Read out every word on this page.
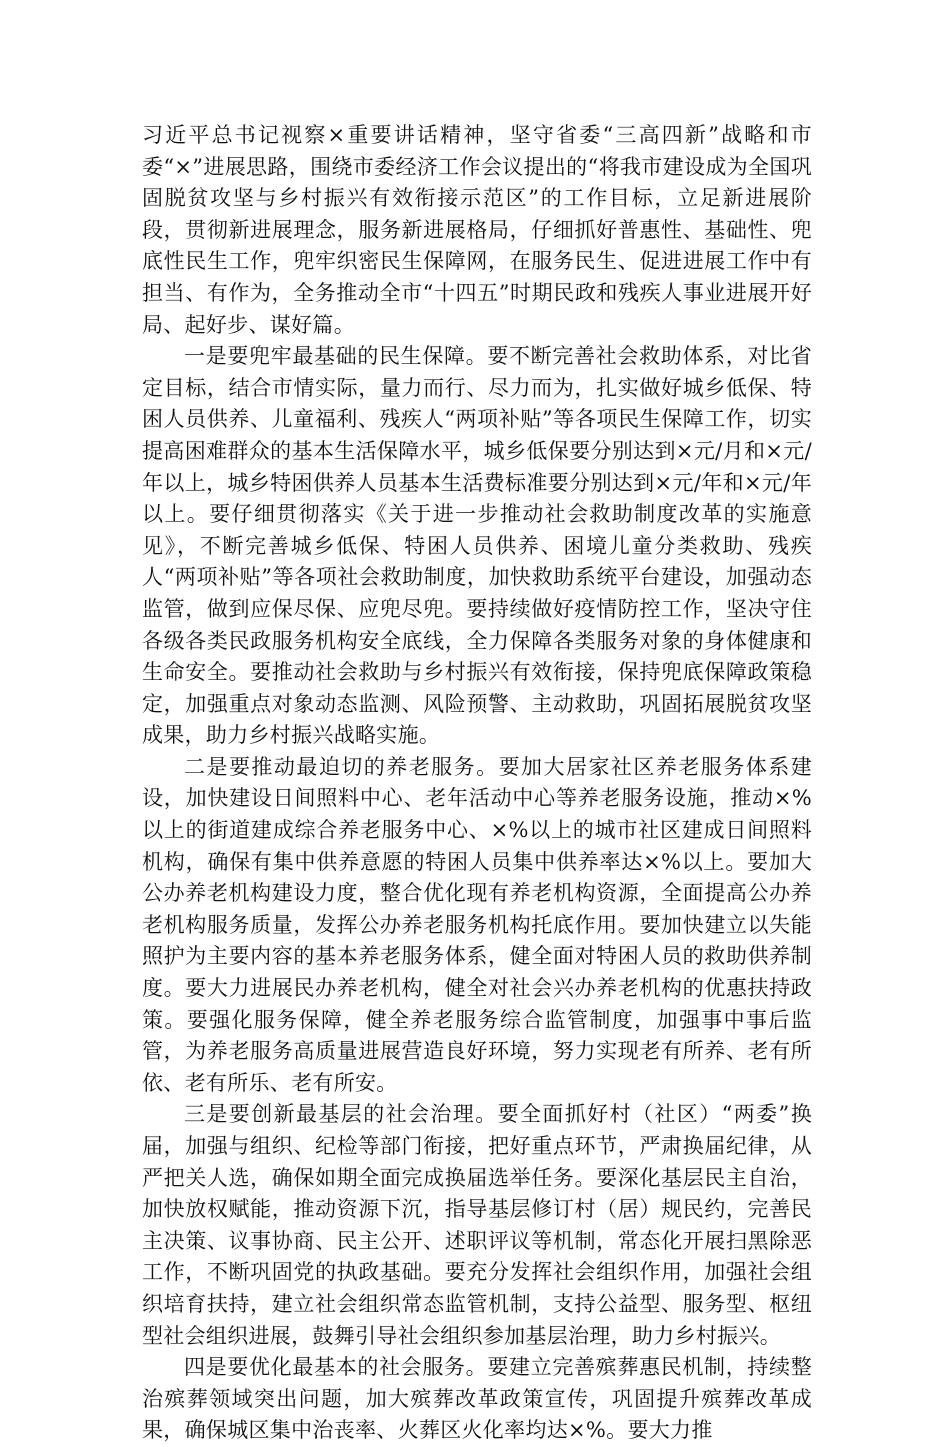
习近平总书记视察×重要讲话精神，坚守省委“三高四新”战略和市委“×”进展思路，围绕市委经济工作会议提出的“将我市建设成为全国巩固脱贫攻坚与乡村振兴有效衔接示范区”的工作目标，立足新进展阶段，贯彻新进展理念，服务新进展格局，仔细抓好普惠性、基础性、兜底性民生工作，兜牢织密民生保障网，在服务民生、促进进展工作中有担当、有作为，全务推动全市“十四五”时期民政和残疾人事业进展开好局、起好步、谋好篇。

一是要兜牢最基础的民生保障。要不断完善社会救助体系，对比省定目标，结合市情实际，量力而行、尽力而为，扎实做好城乡低保、特困人员供养、儿童福利、残疾人“两项补贴”等各项民生保障工作，切实提高困难群众的基本生活保障水平，城乡低保要分别达到×元/月和×元/年以上，城乡特困供养人员基本生活费标准要分别达到×元/年和×元/年以上。要仔细贯彻落实《关于进一步推动社会救助制度改革的实施意见》，不断完善城乡低保、特困人员供养、困境儿童分类救助、残疾人“两项补贴”等各项社会救助制度，加快救助系统平台建设，加强动态监管，做到应保尽保、应兜尽兜。要持续做好疫情防控工作，坚决守住各级各类民政服务机构安全底线，全力保障各类服务对象的身体健康和生命安全。要推动社会救助与乡村振兴有效衔接，保持兜底保障政策稳定，加强重点对象动态监测、风险预警、主动救助，巩固拓展脱贫攻坚成果，助力乡村振兴战略实施。

二是要推动最迫切的养老服务。要加大居家社区养老服务体系建设，加快建设日间照料中心、老年活动中心等养老服务设施，推动×%以上的街道建成综合养老服务中心、×%以上的城市社区建成日间照料机构，确保有集中供养意愿的特困人员集中供养率达×%以上。要加大公办养老机构建设力度，整合优化现有养老机构资源，全面提高公办养老机构服务质量，发挥公办养老服务机构托底作用。要加快建立以失能照护为主要内容的基本养老服务体系，健全面对特困人员的救助供养制度。要大力进展民办养老机构，健全对社会兴办养老机构的优惠扶持政策。要强化服务保障，健全养老服务综合监管制度，加强事中事后监管，为养老服务高质量进展营造良好环境，努力实现老有所养、老有所依、老有所乐、老有所安。

三是要创新最基层的社会治理。要全面抓好村（社区）“两委”换届，加强与组织、纪检等部门衔接，把好重点环节，严肃换届纪律，从严把关人选，确保如期全面完成换届选举任务。要深化基层民主自治，加快放权赋能，推动资源下沉，指导基层修订村（居）规民约，完善民主决策、议事协商、民主公开、述职评议等机制，常态化开展扫黑除恶工作，不断巩固党的执政基础。要充分发挥社会组织作用，加强社会组织培育扶持，建立社会组织常态监管机制，支持公益型、服务型、枢纽型社会组织进展，鼓舞引导社会组织参加基层治理，助力乡村振兴。

四是要优化最基本的社会服务。要建立完善殡葬惠民机制，持续整治殡葬领域突出问题，加大殡葬改革政策宣传，巩固提升殡葬改革成果，确保城区集中治丧率、火葬区火化率均达×%。要大力推
